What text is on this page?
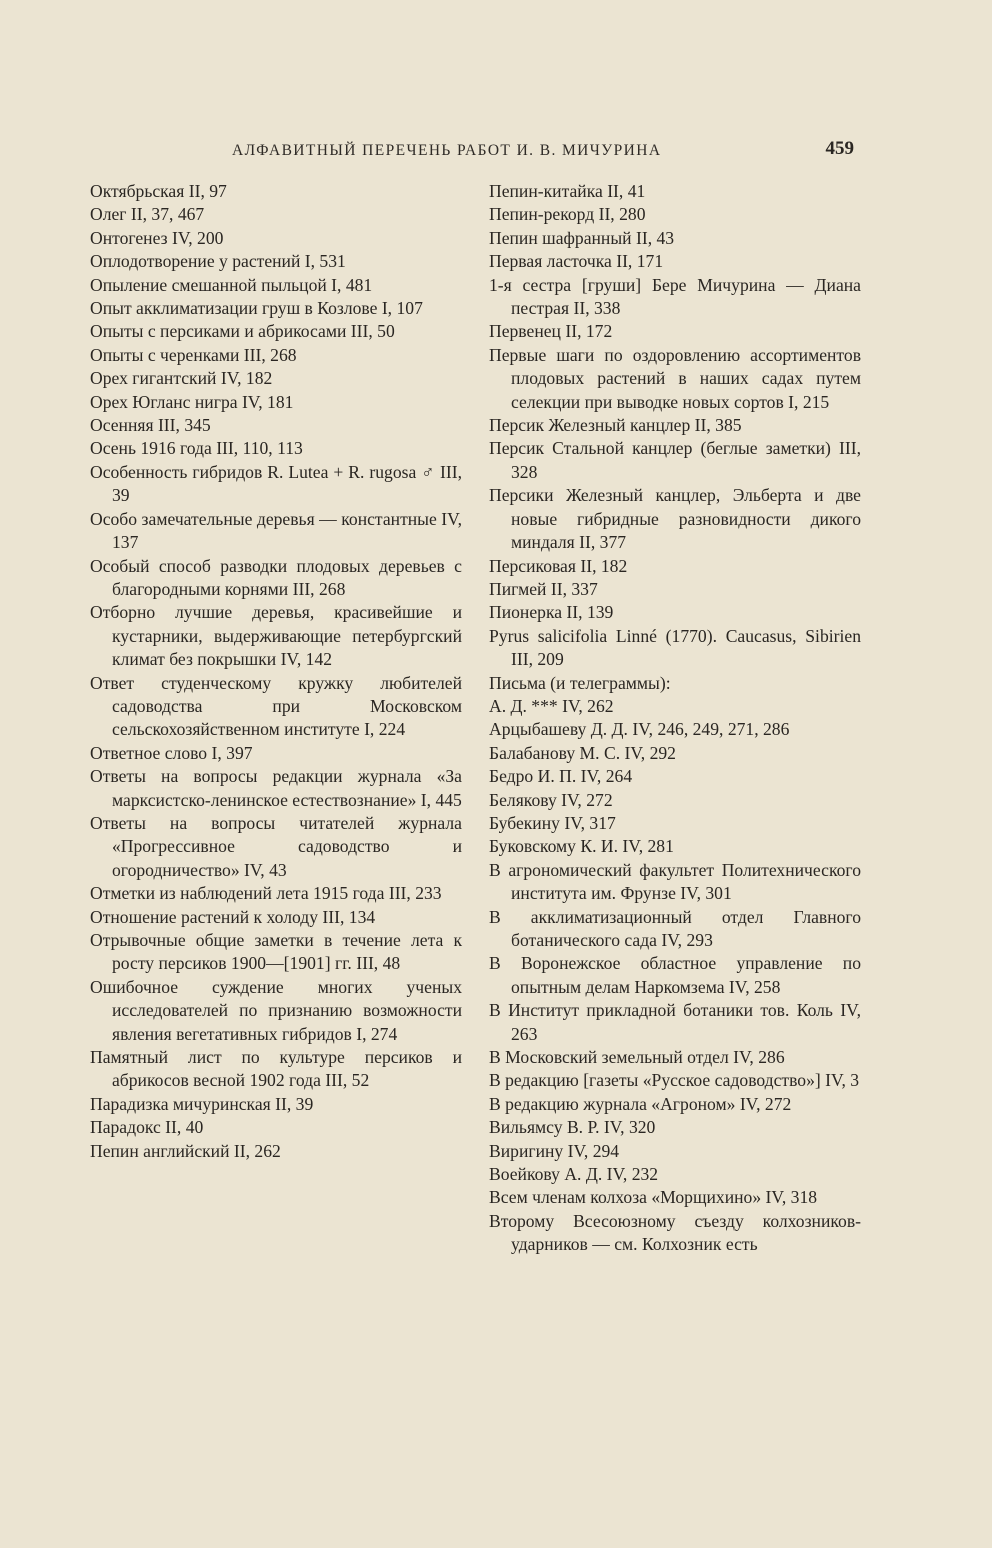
АЛФАВИТНЫЙ ПЕРЕЧЕНЬ РАБОТ И. В. МИЧУРИНА	459
Октябрьская II, 97
Олег II, 37, 467
Онтогенез IV, 200
Оплодотворение у растений I, 531
Опыление смешанной пыльцой I, 481
Опыт акклиматизации груш в Козлове I, 107
Опыты с персиками и абрикосами III, 50
Опыты с черенками III, 268
Орех гигантский IV, 182
Орех Югланс нигра IV, 181
Осенняя III, 345
Осень 1916 года III, 110, 113
Особенность гибридов R. Lutea + R. rugosa ♂ III, 39
Особо замечательные деревья — константные IV, 137
Особый способ разводки плодовых деревьев с благородными корнями III, 268
Отборно лучшие деревья, красивейшие и кустарники, выдерживающие петербургский климат без покрышки IV, 142
Ответ студенческому кружку любителей садоводства при Московском сельскохозяйственном институте I, 224
Ответное слово I, 397
Ответы на вопросы редакции журнала «За марксистско-ленинское естествознание» I, 445
Ответы на вопросы читателей журнала «Прогрессивное садоводство и огородничество» IV, 43
Отметки из наблюдений лета 1915 года III, 233
Отношение растений к холоду III, 134
Отрывочные общие заметки в течение лета к росту персиков 1900—[1901] гг. III, 48
Ошибочное суждение многих ученых исследователей по признанию возможности явления вегетативных гибридов I, 274
Памятный лист по культуре персиков и абрикосов весной 1902 года III, 52
Парадизка мичуринская II, 39
Парадокс II, 40
Пепин английский II, 262
Пепин-китайка II, 41
Пепин-рекорд II, 280
Пепин шафранный II, 43
Первая ласточка II, 171
1-я сестра [груши] Бере Мичурина — Диана пестрая II, 338
Первенец II, 172
Первые шаги по оздоровлению ассортиментов плодовых растений в наших садах путем селекции при выводке новых сортов I, 215
Персик Железный канцлер II, 385
Персик Стальной канцлер (беглые заметки) III, 328
Персики Железный канцлер, Эльберта и две новые гибридные разновидности дикого миндаля II, 377
Персиковая II, 182
Пигмей II, 337
Пионерка II, 139
Pyrus salicifolia Linné (1770). Caucasus, Sibirien III, 209
Письма (и телеграммы):
А. Д. *** IV, 262
Арцыбашеву Д. Д. IV, 246, 249, 271, 286
Балабанову М. С. IV, 292
Бедро И. П. IV, 264
Белякову IV, 272
Бубекину IV, 317
Буковскому К. И. IV, 281
В агрономический факультет Политехнического института им. Фрунзе IV, 301
В акклиматизационный отдел Главного ботанического сада IV, 293
В Воронежское областное управление по опытным делам Наркомзема IV, 258
В Институт прикладной ботаники тов. Коль IV, 263
В Московский земельный отдел IV, 286
В редакцию [газеты «Русское садоводство»] IV, 3
В редакцию журнала «Агроном» IV, 272
Вильямсу В. Р. IV, 320
Виригину IV, 294
Воейкову А. Д. IV, 232
Всем членам колхоза «Морщихино» IV, 318
Второму Всесоюзному съезду колхозников-ударников — см. Колхозник есть
